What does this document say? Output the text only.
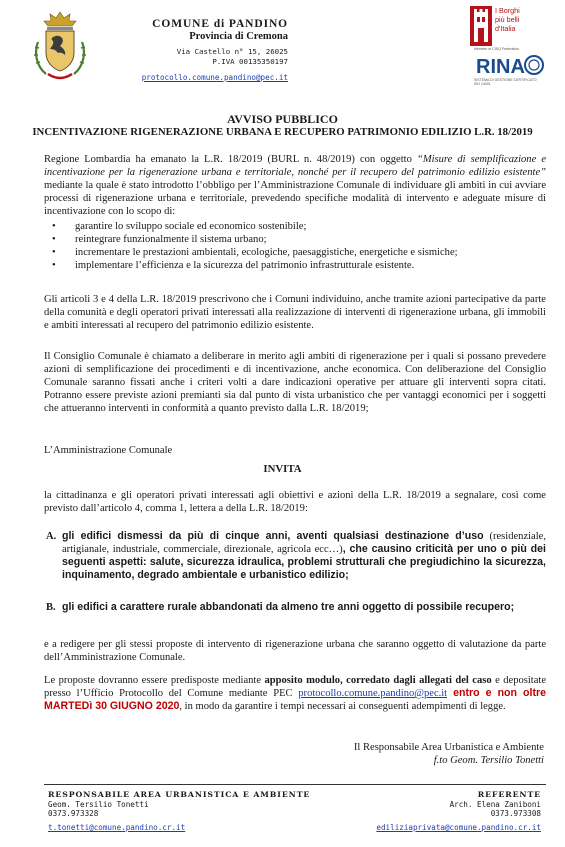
COMUNE di PANDINO
Provincia di Cremona
Via Castello n° 15, 26025
P.IVA 00135350197
protocollo.comune.pandino@pec.it
I Borghi
più belli
d'Italia
Member of CISQ Federation
RINA
SISTEMA DI GESTIONE CERTIFICATO
ISO 14001
AVVISO PUBBLICO
INCENTIVAZIONE RIGENERAZIONE URBANA E RECUPERO PATRIMONIO EDILIZIO L.R. 18/2019

Regione Lombardia ha emanato la L.R. 18/2019 (BURL n. 48/2019) con oggetto “Misure di semplificazione e incentivazione per la rigenerazione urbana e territoriale, nonché per il recupero del patrimonio edilizio esistente” mediante la quale è stato introdotto l’obbligo per l’Amministrazione Comunale di individuare gli ambiti in cui avviare processi di rigenerazione urbana e territoriale, prevedendo specifiche modalità di intervento e adeguate misure di incentivazione con lo scopo di:

• garantire lo sviluppo sociale ed economico sostenibile;
• reintegrare funzionalmente il sistema urbano;
• incrementare le prestazioni ambientali, ecologiche, paesaggistiche, energetiche e sismiche;
• implementare l’efficienza e la sicurezza del patrimonio infrastrutturale esistente.

Gli articoli 3 e 4 della L.R. 18/2019 prescrivono che i Comuni individuino, anche tramite azioni partecipative da parte della comunità e degli operatori privati interessati alla realizzazione di interventi di rigenerazione urbana, gli immobili e ambiti interessati al recupero del patrimonio edilizio esistente.

Il Consiglio Comunale è chiamato a deliberare in merito agli ambiti di rigenerazione per i quali si possano prevedere azioni di semplificazione dei procedimenti e di incentivazione, anche economica. Con deliberazione del Consiglio Comunale saranno fissati anche i criteri volti a dare indicazioni operative per attuare gli interventi sopra citati. Potranno essere previste azioni premianti sia dal punto di vista urbanistico che per vantaggi economici per i soggetti che attueranno interventi in conformità a quanto previsto dalla L.R. 18/2019;

L’Amministrazione Comunale

INVITA

la cittadinanza e gli operatori privati interessati agli obiettivi e azioni della L.R. 18/2019 a segnalare, così come previsto dall’articolo 4, comma 1, lettera a della L.R. 18/2019:

A. gli edifici dismessi da più di cinque anni, aventi qualsiasi destinazione d’uso (residenziale, artigianale, industriale, commerciale, direzionale, agricola ecc…), che causino criticità per uno o più dei seguenti aspetti: salute, sicurezza idraulica, problemi strutturali che pregiudichino la sicurezza, inquinamento, degrado ambientale e urbanistico edilizio;
B. gli edifici a carattere rurale abbandonati da almeno tre anni oggetto di possibile recupero;

e a redigere per gli stessi proposte di intervento di rigenerazione urbana che saranno oggetto di valutazione da parte dell’Amministrazione Comunale.

Le proposte dovranno essere predisposte mediante apposito modulo, corredato dagli allegati del caso e depositate presso l’Ufficio Protocollo del Comune mediante PEC protocollo.comune.pandino@pec.it entro e non oltre MARTEDì 30 GIUGNO 2020, in modo da garantire i tempi necessari ai conseguenti adempimenti di legge.

Il Responsabile Area Urbanistica e Ambiente
f.to Geom. Tersilio Tonetti
RESPONSABILE AREA URBANISTICA E AMBIENTE
Geom. Tersilio Tonetti
0373.973328
t.tonetti@comune.pandino.cr.it
REFERENTE
Arch. Elena Zaniboni
0373.973308
ediliziaprivata@comune.pandino.cr.it
